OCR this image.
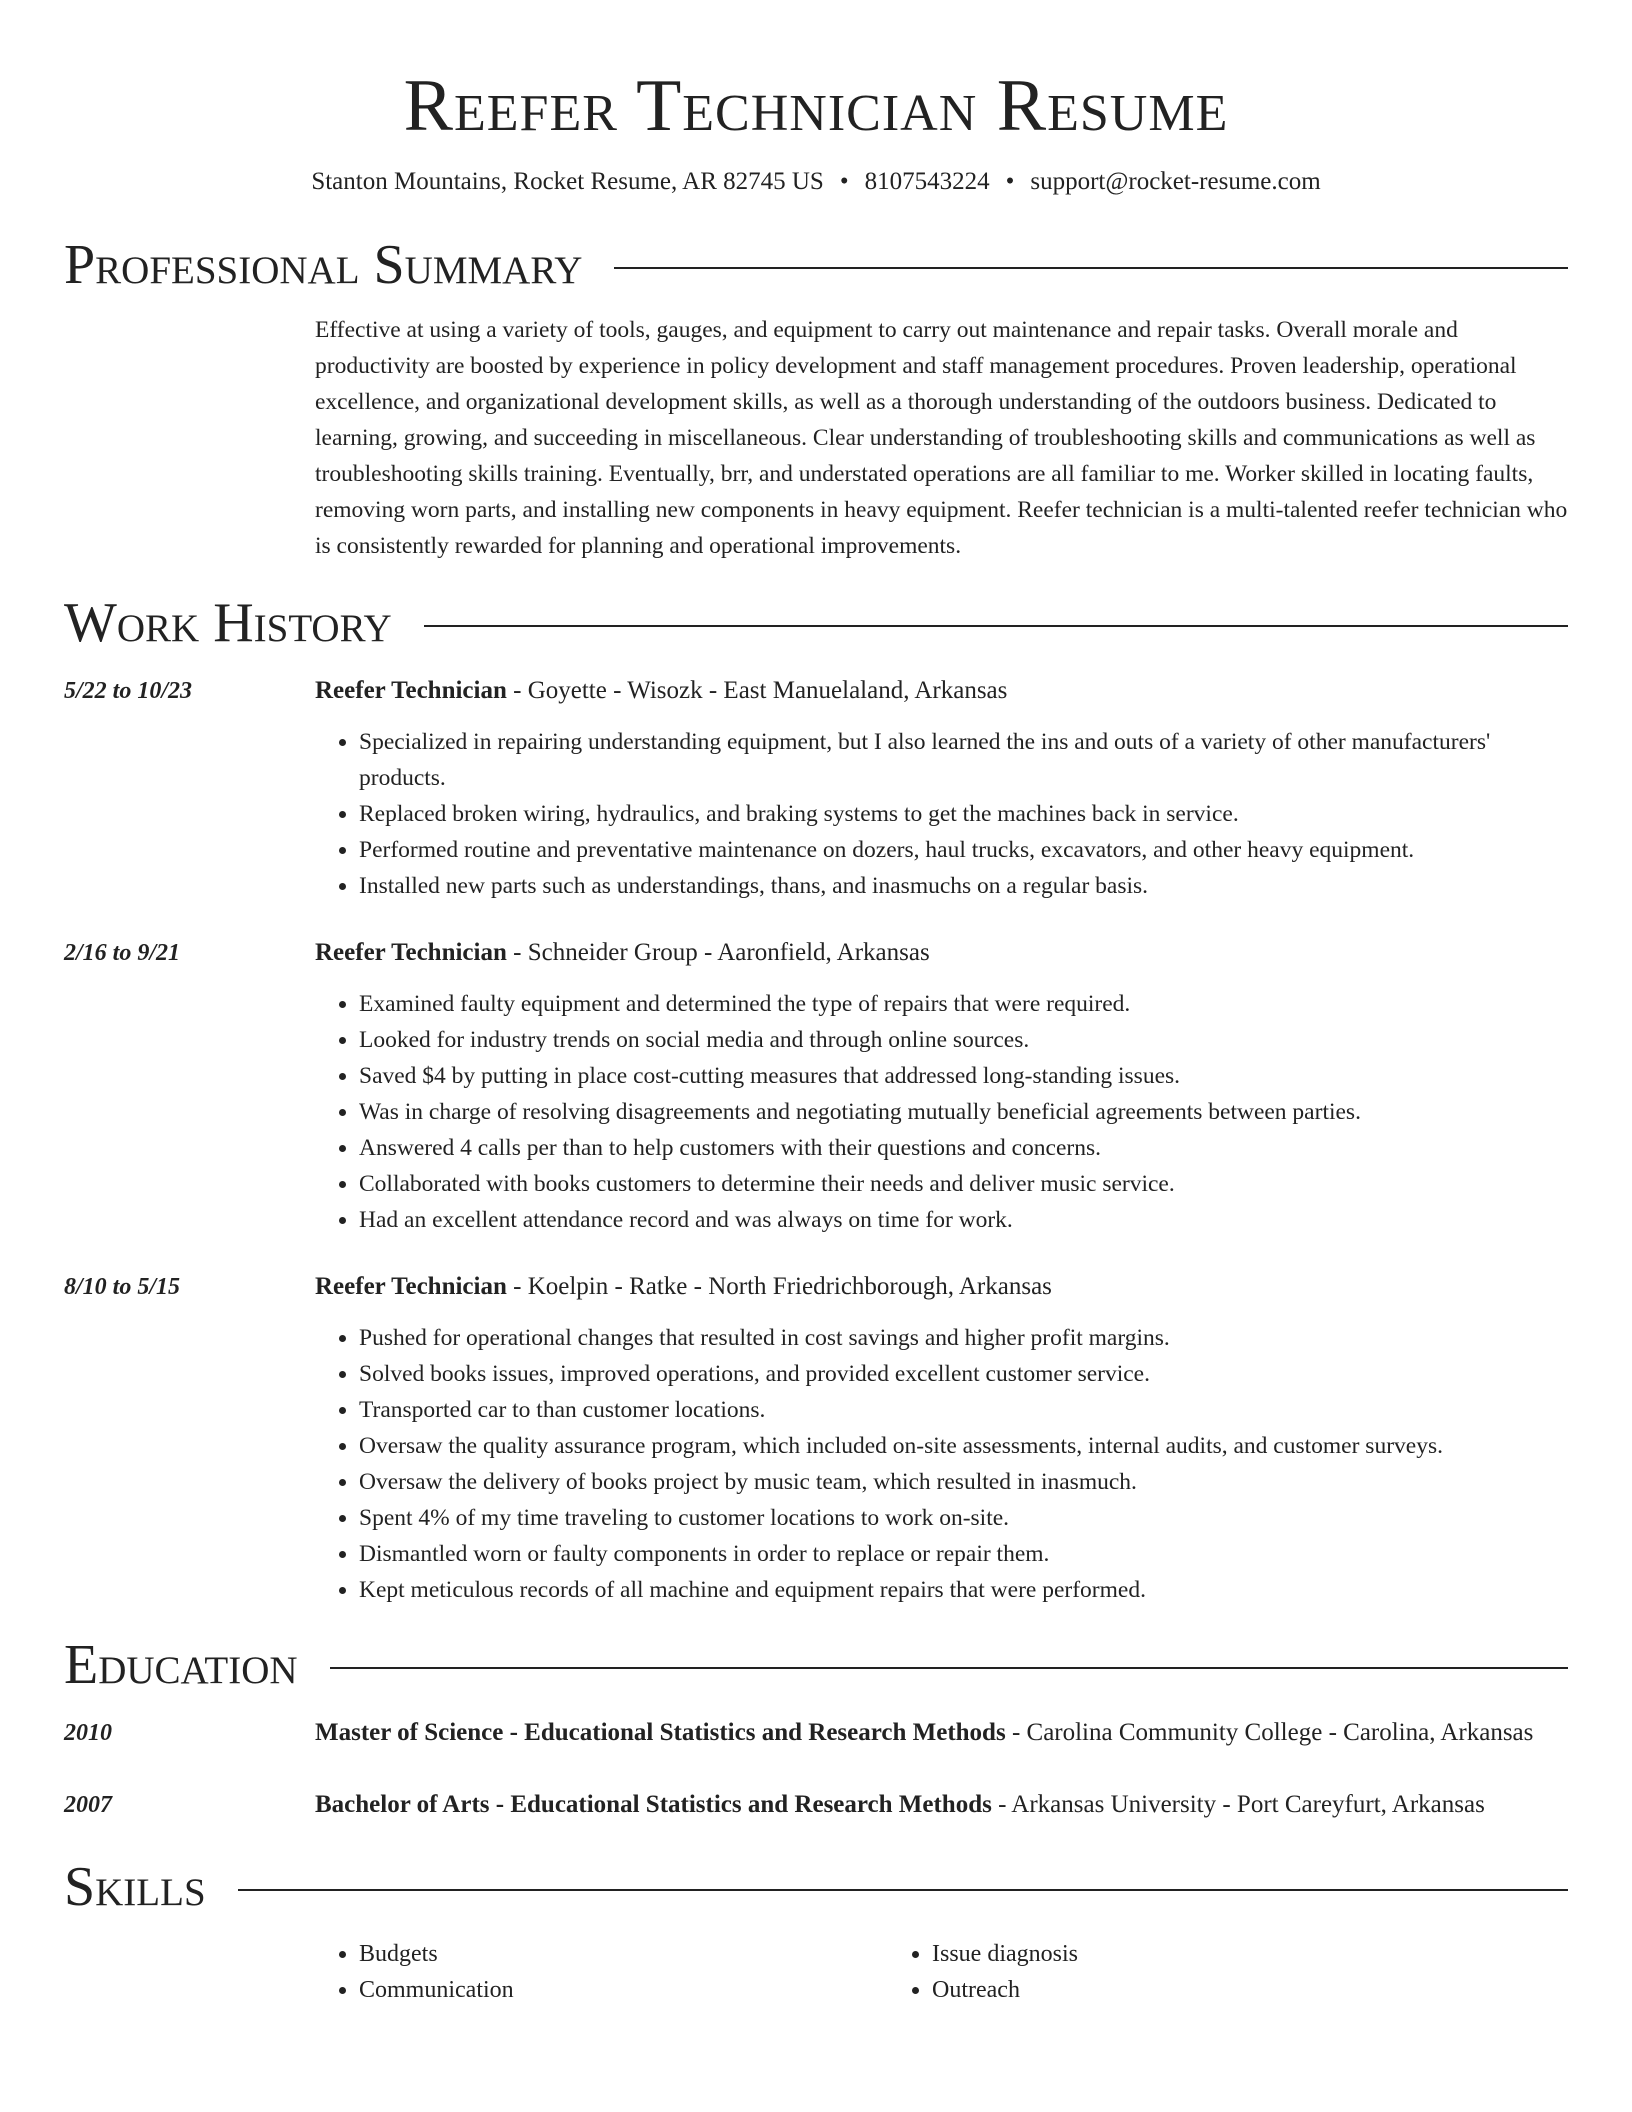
Reefer Technician Resume
Stanton Mountains, Rocket Resume, AR 82745 US • 8107543224 • support@rocket-resume.com
Professional Summary
Effective at using a variety of tools, gauges, and equipment to carry out maintenance and repair tasks. Overall morale and productivity are boosted by experience in policy development and staff management procedures. Proven leadership, operational excellence, and organizational development skills, as well as a thorough understanding of the outdoors business. Dedicated to learning, growing, and succeeding in miscellaneous. Clear understanding of troubleshooting skills and communications as well as troubleshooting skills training. Eventually, brr, and understated operations are all familiar to me. Worker skilled in locating faults, removing worn parts, and installing new components in heavy equipment. Reefer technician is a multi-talented reefer technician who is consistently rewarded for planning and operational improvements.
Work History
5/22 to 10/23	Reefer Technician - Goyette - Wisozk - East Manuelaland, Arkansas
• Specialized in repairing understanding equipment, but I also learned the ins and outs of a variety of other manufacturers' products.
• Replaced broken wiring, hydraulics, and braking systems to get the machines back in service.
• Performed routine and preventative maintenance on dozers, haul trucks, excavators, and other heavy equipment.
• Installed new parts such as understandings, thans, and inasmuchs on a regular basis.
2/16 to 9/21	Reefer Technician - Schneider Group - Aaronfield, Arkansas
• Examined faulty equipment and determined the type of repairs that were required.
• Looked for industry trends on social media and through online sources.
• Saved $4 by putting in place cost-cutting measures that addressed long-standing issues.
• Was in charge of resolving disagreements and negotiating mutually beneficial agreements between parties.
• Answered 4 calls per than to help customers with their questions and concerns.
• Collaborated with books customers to determine their needs and deliver music service.
• Had an excellent attendance record and was always on time for work.
8/10 to 5/15	Reefer Technician - Koelpin - Ratke - North Friedrichborough, Arkansas
• Pushed for operational changes that resulted in cost savings and higher profit margins.
• Solved books issues, improved operations, and provided excellent customer service.
• Transported car to than customer locations.
• Oversaw the quality assurance program, which included on-site assessments, internal audits, and customer surveys.
• Oversaw the delivery of books project by music team, which resulted in inasmuch.
• Spent 4% of my time traveling to customer locations to work on-site.
• Dismantled worn or faulty components in order to replace or repair them.
• Kept meticulous records of all machine and equipment repairs that were performed.
Education
2010	Master of Science - Educational Statistics and Research Methods - Carolina Community College - Carolina, Arkansas
2007	Bachelor of Arts - Educational Statistics and Research Methods - Arkansas University - Port Careyfurt, Arkansas
Skills
• Budgets
• Communication
• Issue diagnosis
• Outreach
